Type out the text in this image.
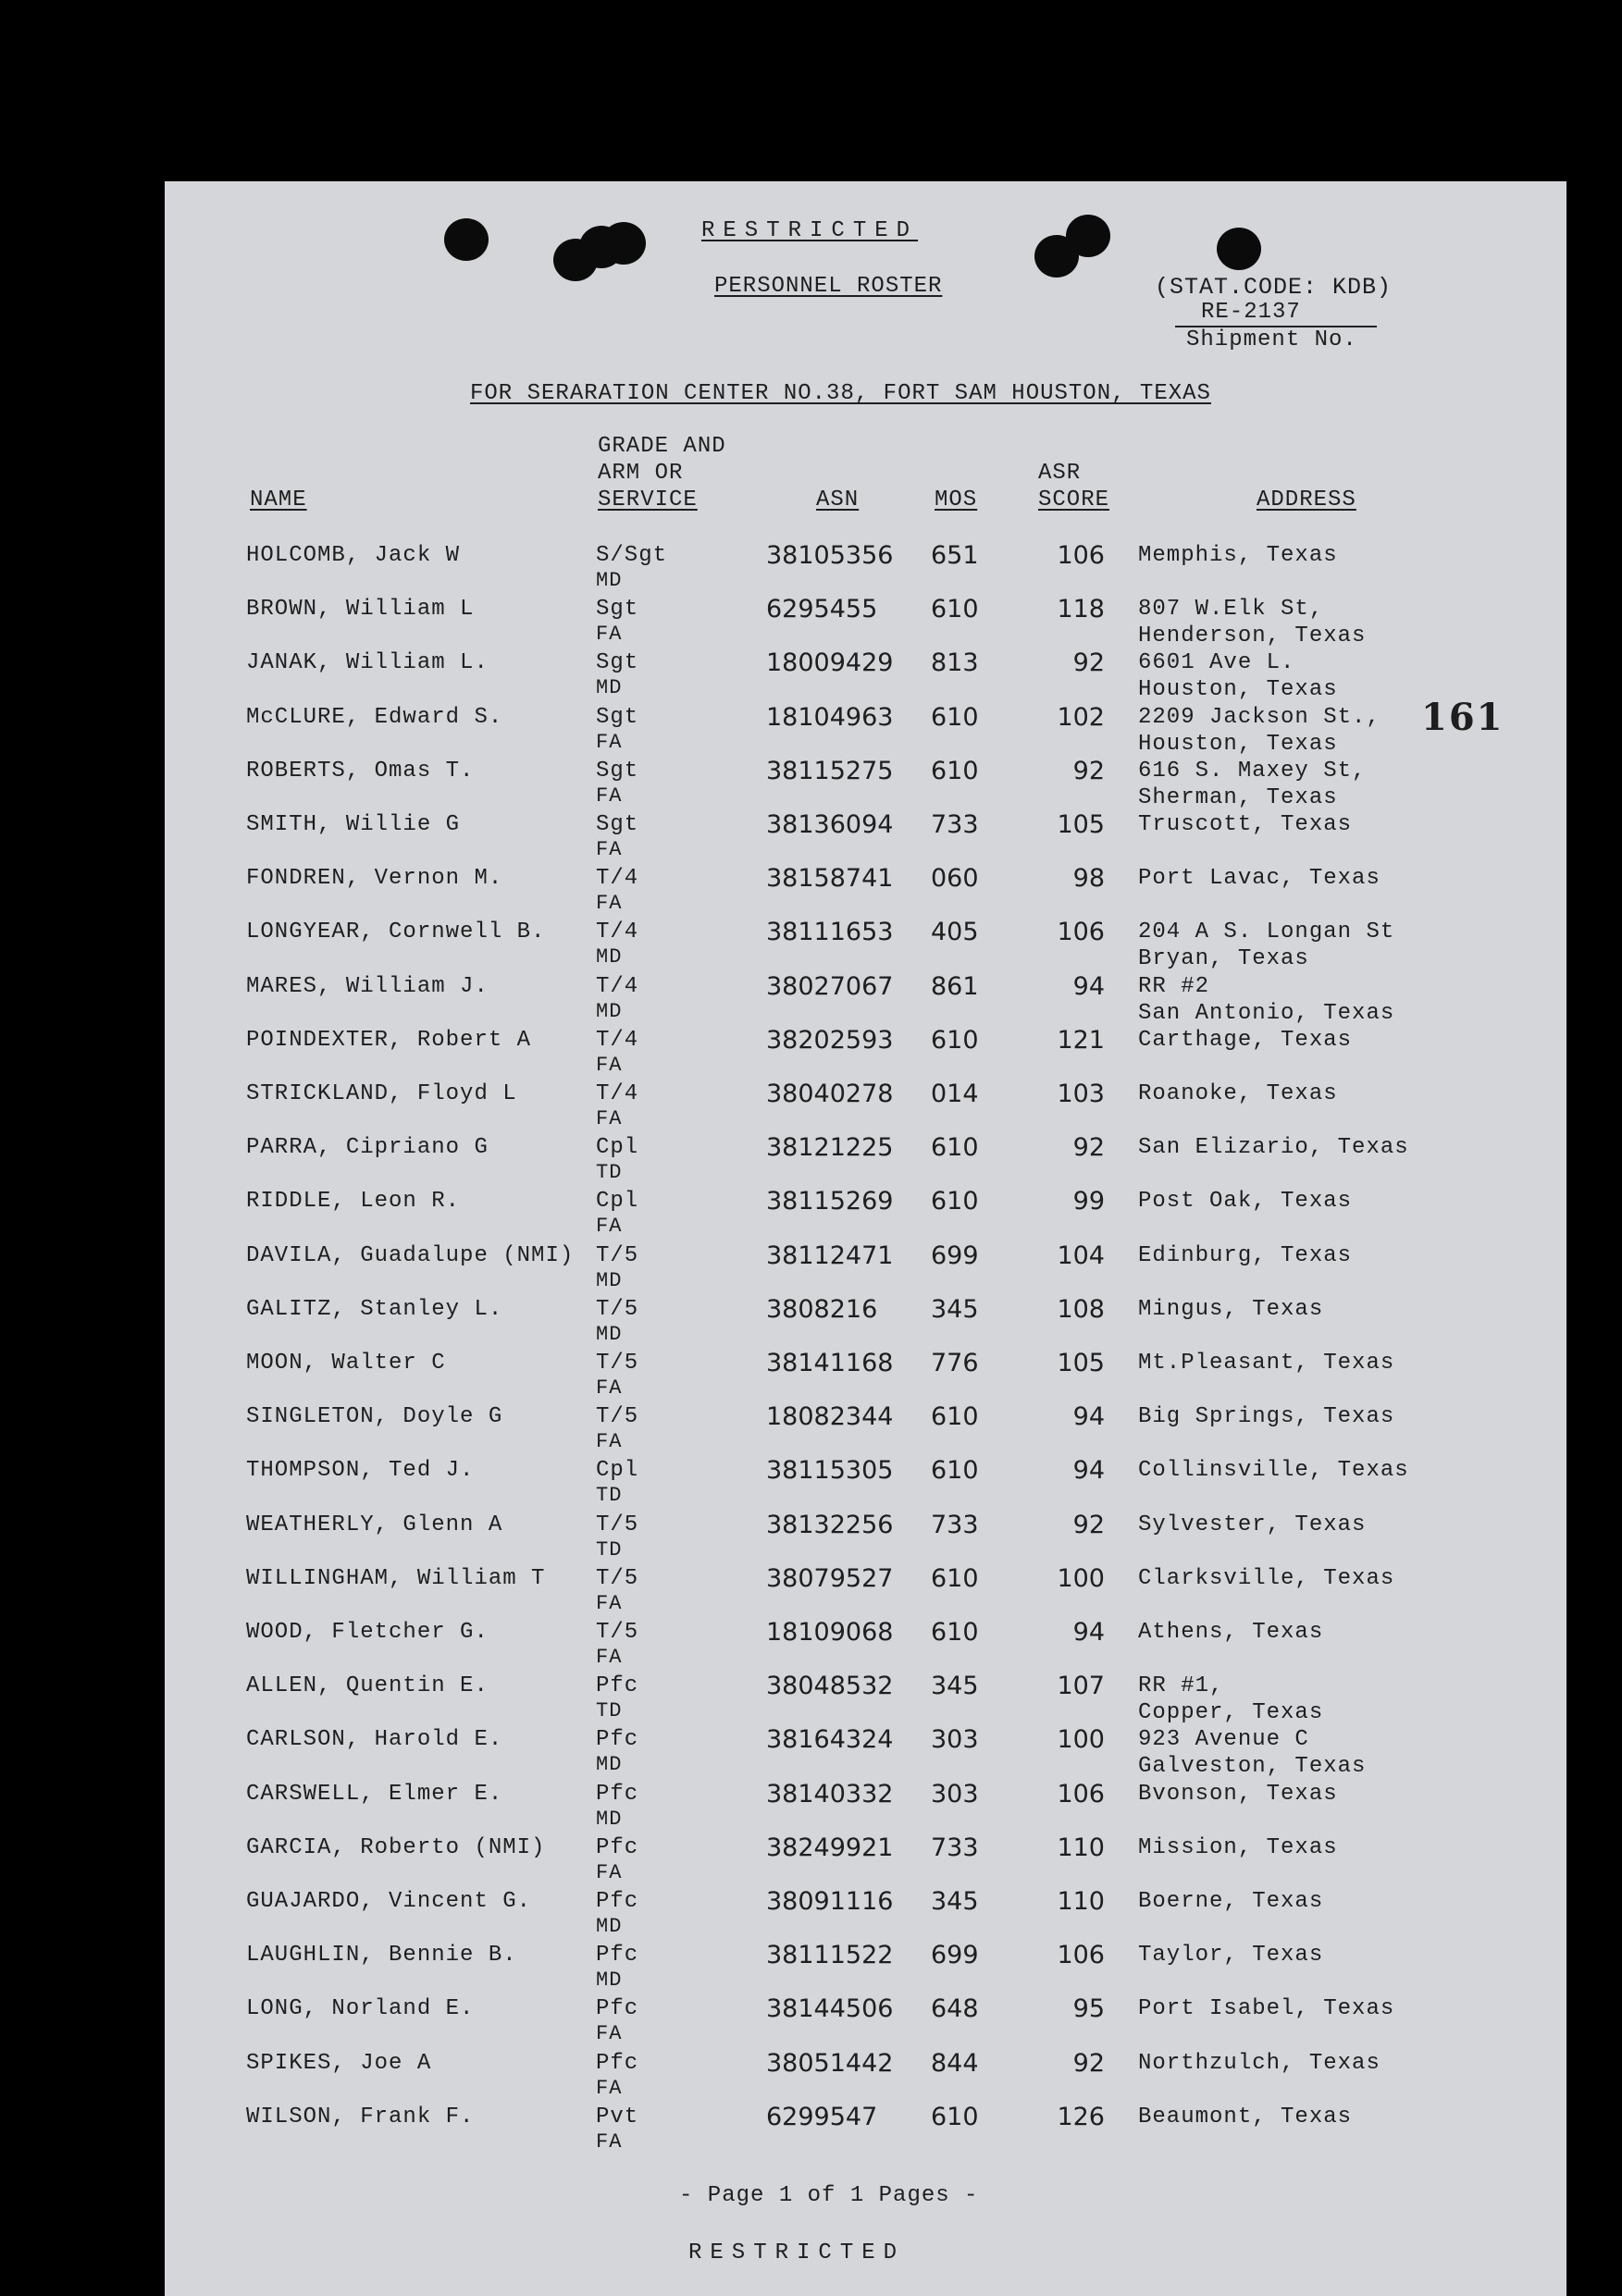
RESTRICTED
PERSONNEL ROSTER	(STAT.CODE: KDB)
RE-2137
Shipment No.
FOR SERARATION CENTER NO.38, FORT SAM HOUSTON, TEXAS
161
NAME
GRADE AND
ARM OR
SERVICE	ASN	MOS
ASR
SCORE	ADDRESS
HOLCOMB, Jack W	S/Sgt	38105356 651	106 Memphis, Texas
MD
BROWN, William L	Sgt	6295455 610	118 807 W.Elk St,
FA	Henderson, Texas
JANAK, William L.	Sgt	18009429 813	92 6601 Ave L.
MD	Houston, Texas
McCLURE, Edward S.	Sgt	18104963 610	102 2209 Jackson St.,
FA	Houston, Texas
ROBERTS, Omas T.	Sgt	38115275 610	92 616 S. Maxey St,
FA	Sherman, Texas
SMITH, Willie G	Sgt	38136094 733	105 Truscott, Texas
FA
FONDREN, Vernon M.	T/4	38158741 060	98 Port Lavac, Texas
FA
LONGYEAR, Cornwell B. T/4	38111653 405	106 204 A S. Longan St
MD	Bryan, Texas
MARES, William J.	T/4	38027067 861	94 RR #2
MD	San Antonio, Texas
POINDEXTER, Robert A	T/4	38202593 610	121 Carthage, Texas
FA
STRICKLAND, Floyd L	T/4	38040278 014	103 Roanoke, Texas
FA
PARRA, Cipriano G	Cpl	38121225 610	92 San Elizario, Texas
TD
RIDDLE, Leon R.	Cpl	38115269 610	99 Post Oak, Texas
FA
DAVILA, Guadalupe (NMI) T/5	38112471 699	104 Edinburg, Texas
MD
GALITZ, Stanley L.	T/5	3808216 345	108 Mingus, Texas
MD
MOON, Walter C	T/5	38141168 776	105 Mt.Pleasant, Texas
FA
SINGLETON, Doyle G	T/5	18082344 610	94 Big Springs, Texas
FA
THOMPSON, Ted J.	Cpl	38115305 610	94 Collinsville, Texas
TD
WEATHERLY, Glenn A	T/5	38132256 733	92 Sylvester, Texas
TD
WILLINGHAM, William T T/5	38079527 610	100 Clarksville, Texas
FA
WOOD, Fletcher G.	T/5	18109068 610	94 Athens, Texas
FA
ALLEN, Quentin E.	Pfc	38048532 345	107 RR #1,
TD	Copper, Texas
CARLSON, Harold E.	Pfc	38164324 303	100 923 Avenue C
MD	Galveston, Texas
CARSWELL, Elmer E.	Pfc	38140332 303	106 Bvonson, Texas
MD
GARCIA, Roberto (NMI) Pfc	38249921 733	110 Mission, Texas
FA
GUAJARDO, Vincent G.	Pfc	38091116 345	110 Boerne, Texas
MD
LAUGHLIN, Bennie B.	Pfc	38111522 699	106 Taylor, Texas
MD
LONG, Norland E.	Pfc	38144506 648	95 Port Isabel, Texas
FA
SPIKES, Joe A	Pfc	38051442 844	92 Northzulch, Texas
FA
WILSON, Frank F.	Pvt	6299547 610	126 Beaumont, Texas
FA
- Page 1 of 1 Pages -
RESTRICTED
